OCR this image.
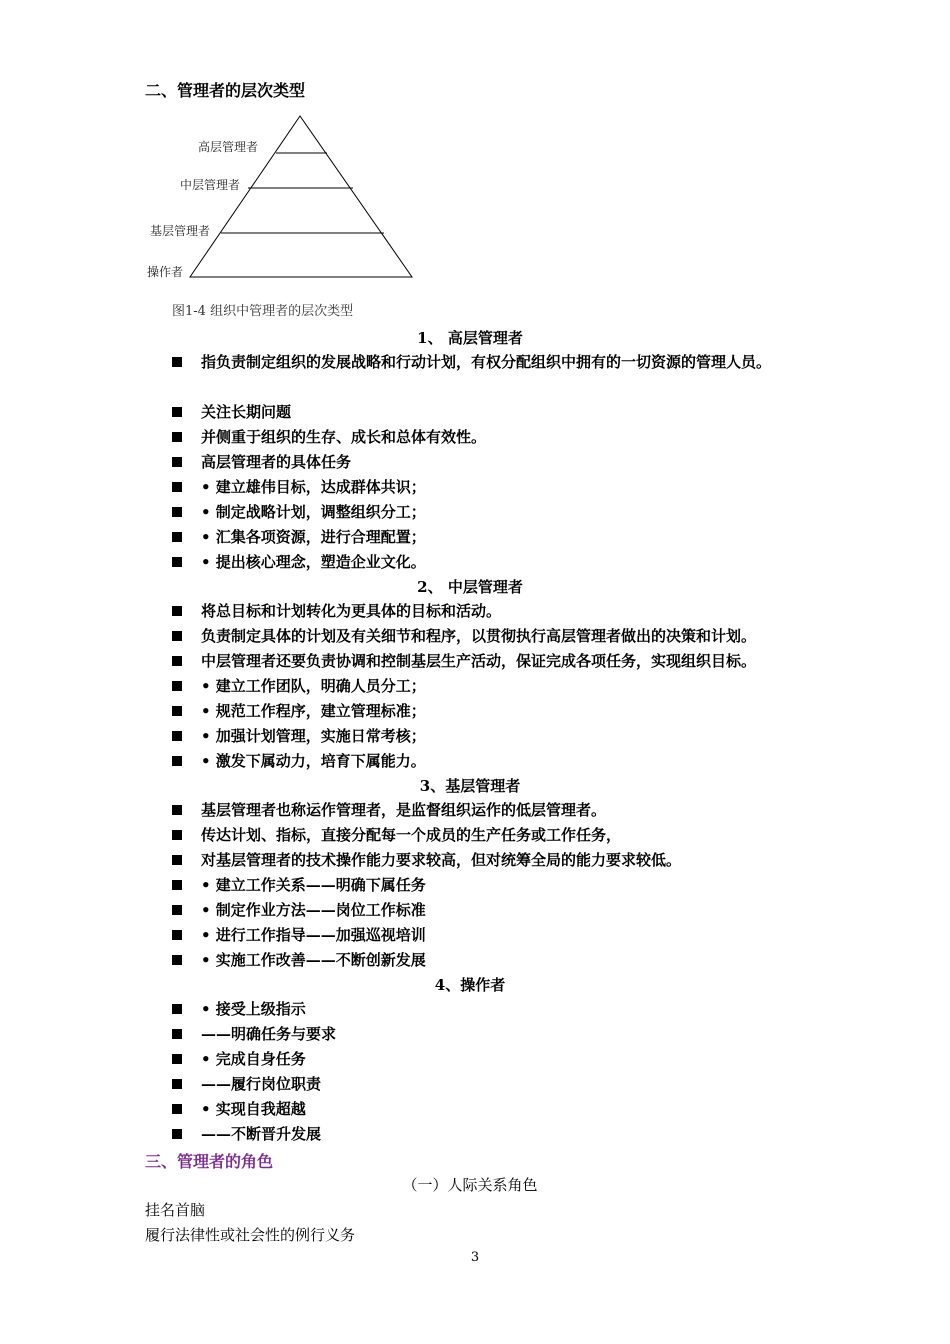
二、管理者的层次类型
高层管理者
中层管理者
基层管理者
操作者
图1-4 组织中管理者的层次类型
1、 高层管理者
指负责制定组织的发展战略和行动计划，有权分配组织中拥有的一切资源的管理人员。
关注长期问题
并侧重于组织的生存、成长和总体有效性。
高层管理者的具体任务
• 建立雄伟目标，达成群体共识；
• 制定战略计划，调整组织分工；
• 汇集各项资源，进行合理配置；
• 提出核心理念，塑造企业文化。
2、 中层管理者
将总目标和计划转化为更具体的目标和活动。
负责制定具体的计划及有关细节和程序，以贯彻执行高层管理者做出的决策和计划。
中层管理者还要负责协调和控制基层生产活动，保证完成各项任务，实现组织目标。
• 建立工作团队，明确人员分工；
• 规范工作程序，建立管理标准；
• 加强计划管理，实施日常考核；
• 激发下属动力，培育下属能力。
3、基层管理者
基层管理者也称运作管理者，是监督组织运作的低层管理者。
传达计划、指标，直接分配每一个成员的生产任务或工作任务，
对基层管理者的技术操作能力要求较高，但对统筹全局的能力要求较低。
• 建立工作关系——明确下属任务
• 制定作业方法——岗位工作标准
• 进行工作指导——加强巡视培训
• 实施工作改善——不断创新发展
4、操作者
• 接受上级指示
——明确任务与要求
• 完成自身任务
——履行岗位职责
• 实现自我超越
——不断晋升发展
三、管理者的角色
（一）人际关系角色
挂名首脑
履行法律性或社会性的例行义务
3
